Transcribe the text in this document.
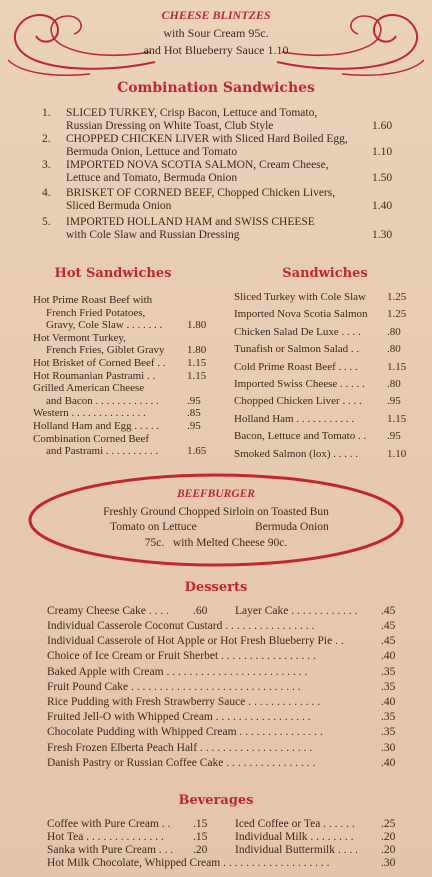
CHEESE BLINTZES
with Sour Cream 95c.
and Hot Blueberry Sauce 1.10
Combination Sandwiches
1. SLICED TURKEY, Crisp Bacon, Lettuce and Tomato,
Russian Dressing on White Toast, Club Style	1.60
2. CHOPPED CHICKEN LIVER with Sliced Hard Boiled Egg,
Bermuda Onion, Lettuce and Tomato	1.10
3. IMPORTED NOVA SCOTIA SALMON, Cream Cheese,
Lettuce and Tomato, Bermuda Onion	1.50
4. BRISKET OF CORNED BEEF, Chopped Chicken Livers,
Sliced Bermuda Onion	1.40
5. IMPORTED HOLLAND HAM and SWISS CHEESE
with Cole Slaw and Russian Dressing	1.30
Hot Sandwiches
Hot Prime Roast Beef with
French Fried Potatoes,
Gravy, Cole Slaw . . . . . . . 1.80
Hot Vermont Turkey,
French Fries, Giblet Gravy 1.80
Hot Brisket of Corned Beef . . 1.15
Hot Roumanian Pastrami . .	1.15
Grilled American Cheese
and Bacon . . . . . . . . . . . .	.95
Western . . . . . . . . . . . . . .	.85
Holland Ham and Egg . . . . .	.95
Combination Corned Beef
and Pastrami . . . . . . . . . .	1.65
Sandwiches
Sliced Turkey with Cole Slaw 1.25
Imported Nova Scotia Salmon 1.25
Chicken Salad De Luxe . . . . .80
Tunafish or Salmon Salad . .	.80
Cold Prime Roast Beef . . . .	1.15
Imported Swiss Cheese . . . . . .80
Chopped Chicken Liver . . . . .95
Holland Ham . . . . . . . . . . .	1.15
Bacon, Lettuce and Tomato . . .95
Smoked Salmon (lox) . . . . .	1.10
BEEFBURGER
Freshly Ground Chopped Sirloin on Toasted Bun
Tomato on Lettuce	Bermuda Onion
75c.   with Melted Cheese 90c.
Desserts
Creamy Cheese Cake . . . . .60 Layer Cake . . . . . . . . . . . . .45
Individual Casserole Coconut Custard . . . . . . . . . . . . . . . .	.45
Individual Casserole of Hot Apple or Hot Fresh Blueberry Pie . .	.45
Choice of Ice Cream or Fruit Sherbet . . . . . . . . . . . . . . . . .	.40
Baked Apple with Cream . . . . . . . . . . . . . . . . . . . . . . . . .	.35
Fruit Pound Cake . . . . . . . . . . . . . . . . . . . . . . . . . . . . . .	.35
Rice Pudding with Fresh Strawberry Sauce . . . . . . . . . . . . .	.40
Fruited Jell-O with Whipped Cream . . . . . . . . . . . . . . . . .	.35
Chocolate Pudding with Whipped Cream . . . . . . . . . . . . . . .	.35
Fresh Frozen Elberta Peach Half . . . . . . . . . . . . . . . . . . . .	.30
Danish Pastry or Russian Coffee Cake . . . . . . . . . . . . . . . .	.40
Beverages
Coffee with Pure Cream . . .15 Iced Coffee or Tea . . . . . . .25
Hot Tea . . . . . . . . . . . . . .	.15 Individual Milk . . . . . . . . .20
Sanka with Pure Cream . . . .20 Individual Buttermilk . . . . .20
Hot Milk Chocolate, Whipped Cream . . . . . . . . . . . . . . . . . . .	.30
